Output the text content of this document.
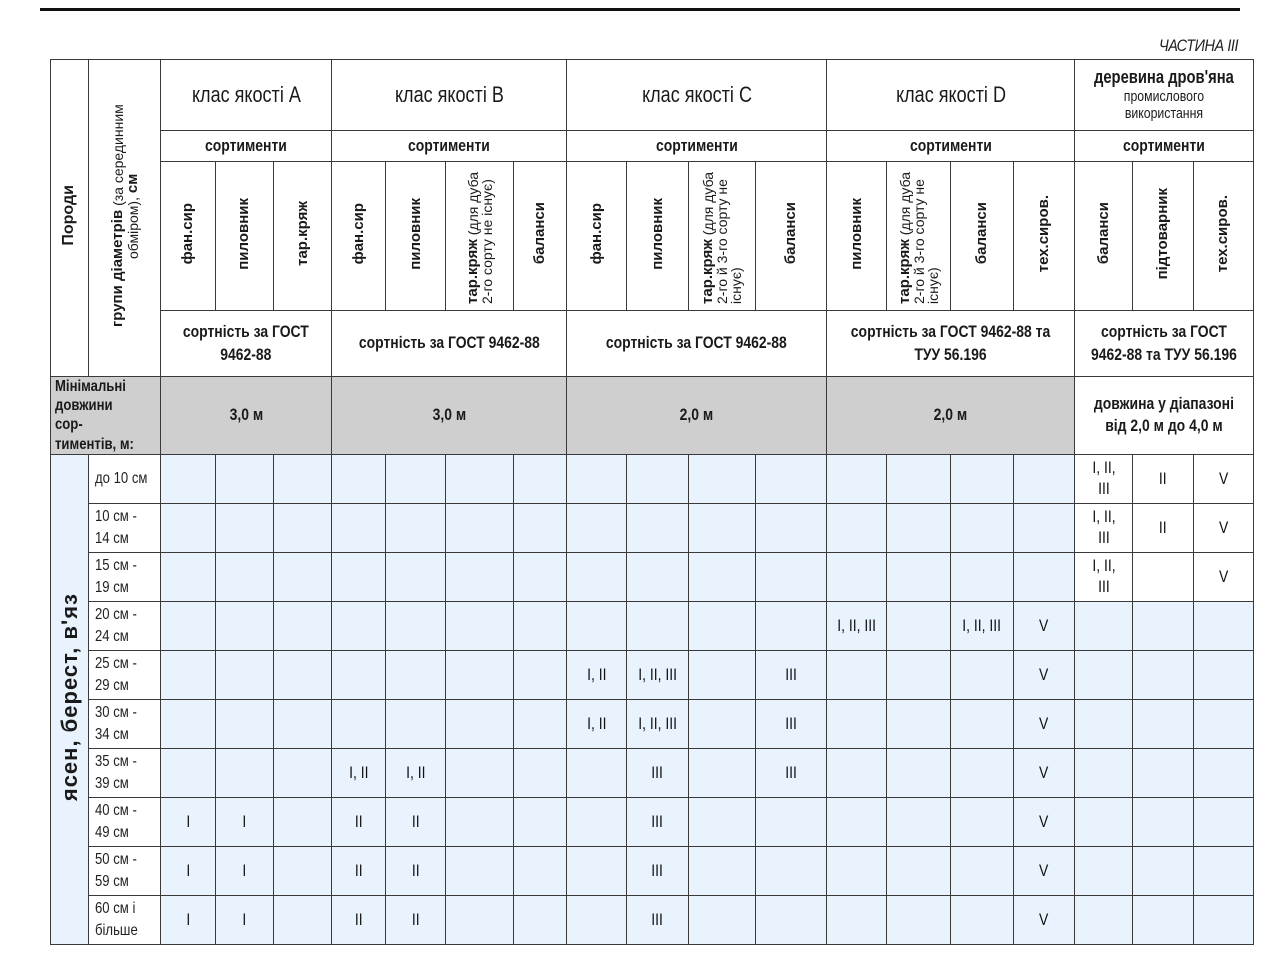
ЧАСТИНА ІІІ
Породи	групи діаметрів (за серединним обміром), см	клас якості А			клас якості В				клас якості С				клас якості D				деревина дров'яна
промислового використання		

		сортименти			сортименти				сортименти				сортименти				сортименти		
		фан.сир	пиловник	тар.кряж	фан.сир	пиловник	тар.кряж (для дуба 2-го сорту не існує)	баланси	фан.сир	пиловник	тар.кряж (для дуба 2-го й 3-го сорту не існує)	баланси	пиловник	тар.кряж (для дуба 2-го й 3-го сорту не існує)	баланси	тех.сиров.	баланси	підтоварник	тех.сиров.
		сортність за ГОСТ 9462-88			сортність за ГОСТ 9462-88				сортність за ГОСТ 9462-88				сортність за ГОСТ 9462-88 та ТУУ 56.196				сортність за ГОСТ 9462-88 та ТУУ 56.196		
Мінімальні довжини сор-тиментів, м:		3,0 м			3,0 м				2,0 м				2,0 м				довжина у діапазоні від 2,0 м до 4,0 м		
ясен, берест, в'яз	до 10 см																I, II, III	II	V
	10 см - 14 см																I, II, III	II	V
	15 см - 19 см																I, II, III		V
	20 см - 24 см												I, II, III		I, II, III	V			
	25 см - 29 см								I, II	I, II, III		III				V			
	30 см - 34 см								I, II	I, II, III		III				V			
	35 см - 39 см				I, II	I, II				III		III				V			
	40 см - 49 см	I	I		II	II				III						V			
	50 см - 59 см	I	I		II	II				III						V			
	60 см і більше	I	I		II	II				III						V			
